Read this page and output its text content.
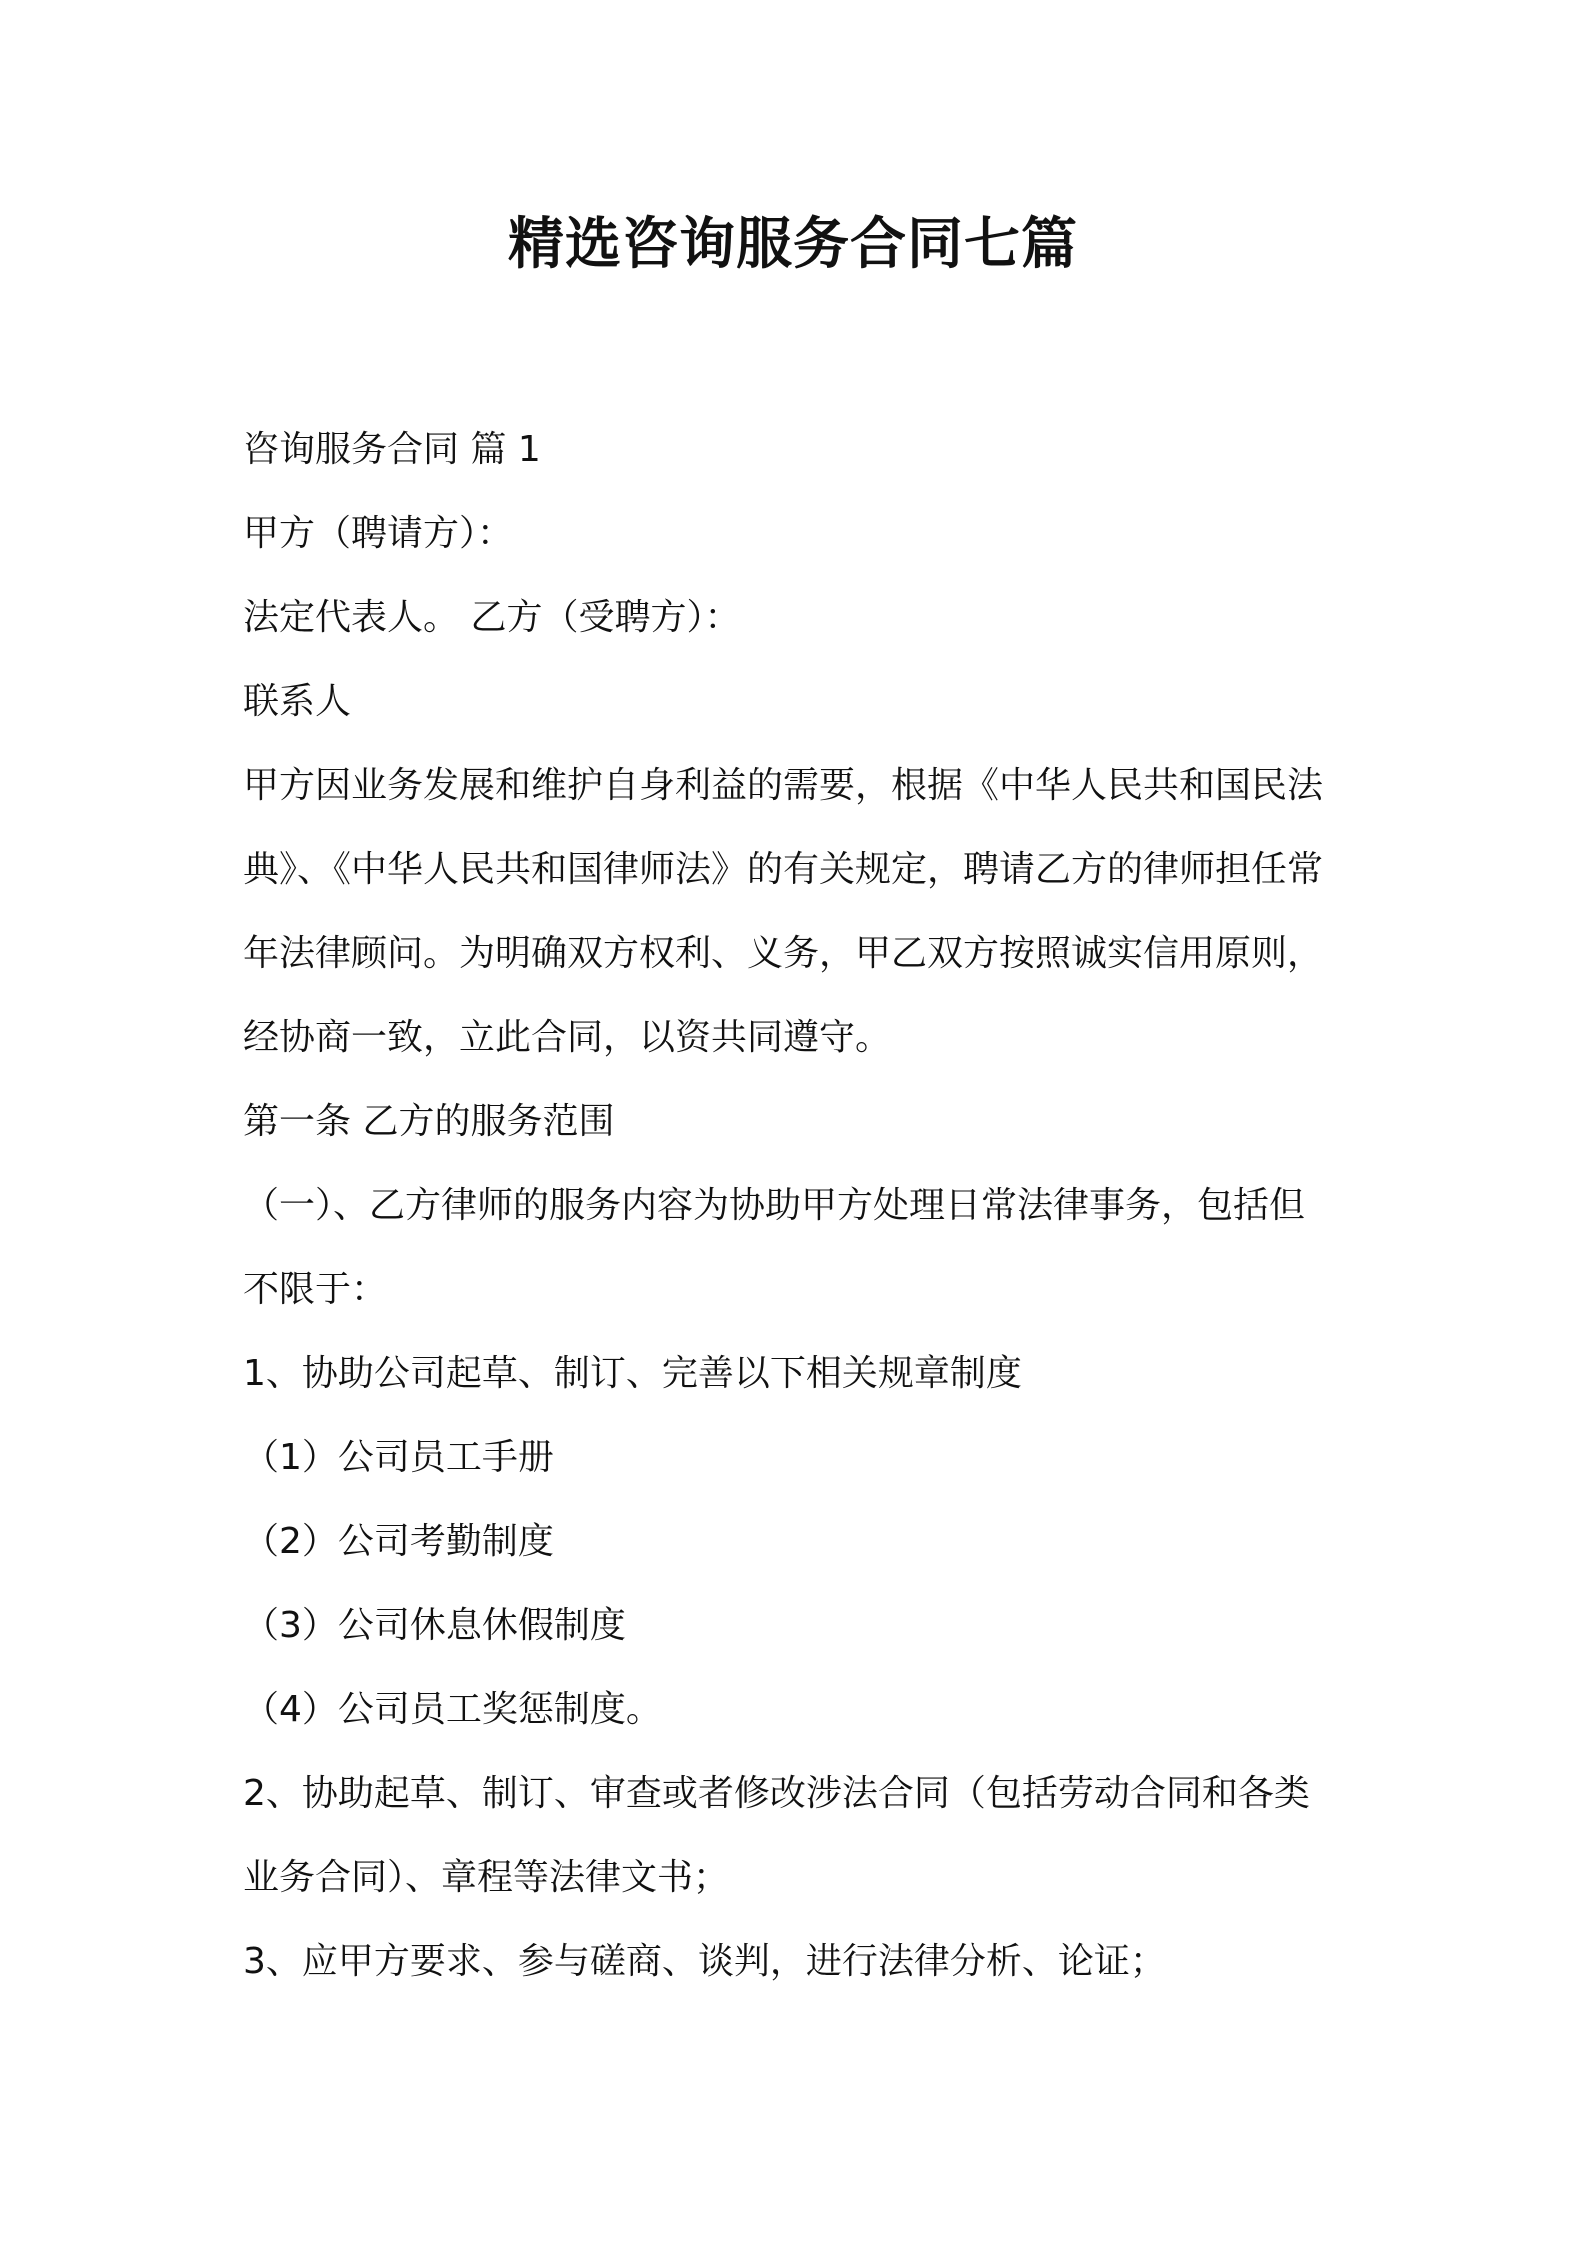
精选咨询服务合同七篇
咨询服务合同 篇 1
甲方（聘请方）：
法定代表人。 乙方（受聘方）：
联系人
甲方因业务发展和维护自身利益的需要，根据《中华人民共和国民法
典》、《中华人民共和国律师法》的有关规定，聘请乙方的律师担任常
年法律顾问。为明确双方权利、义务，甲乙双方按照诚实信用原则，
经协商一致，立此合同，以资共同遵守。
第一条 乙方的服务范围
（一）、乙方律师的服务内容为协助甲方处理日常法律事务，包括但
不限于：
1、协助公司起草、制订、完善以下相关规章制度
（1）公司员工手册
（2）公司考勤制度
（3）公司休息休假制度
（4）公司员工奖惩制度。
2、协助起草、制订、审查或者修改涉法合同（包括劳动合同和各类
业务合同）、章程等法律文书；
3、应甲方要求、参与磋商、谈判，进行法律分析、论证；
